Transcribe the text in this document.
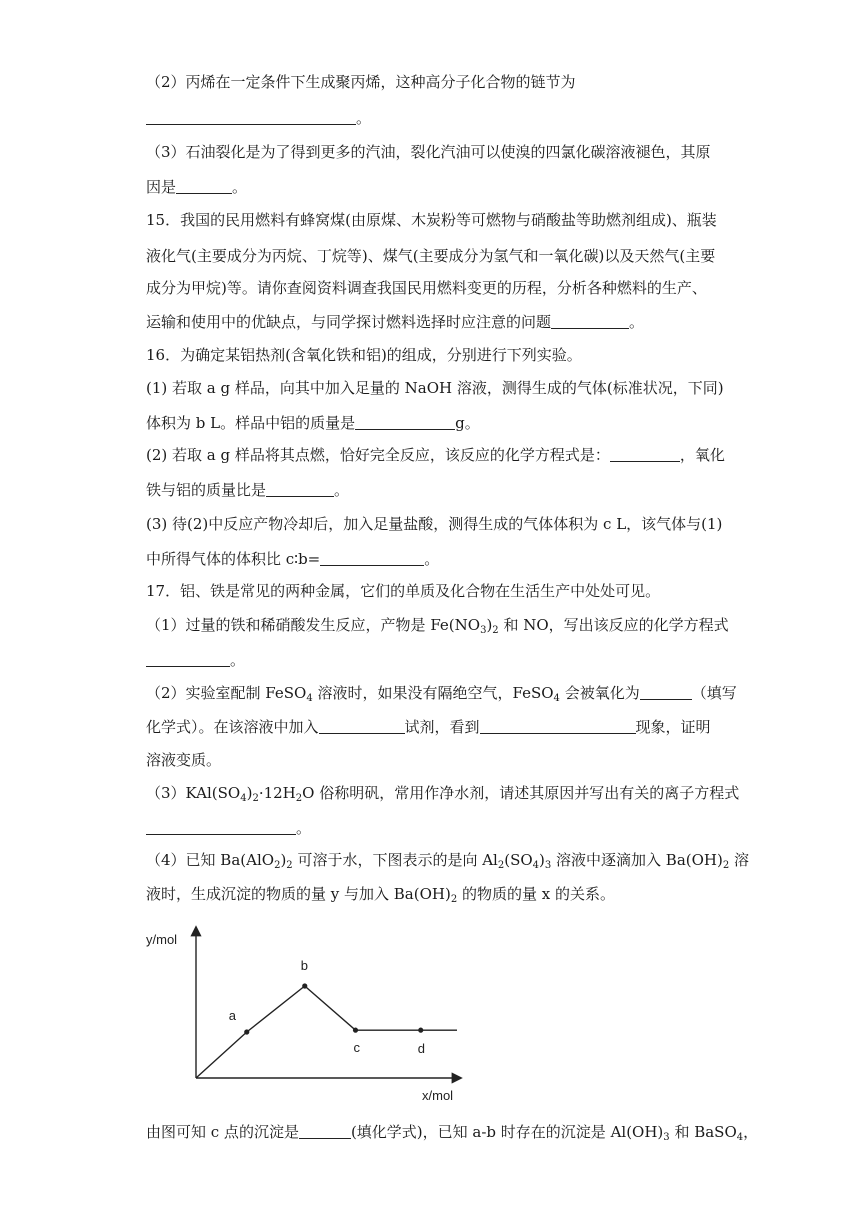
（2）丙烯在一定条件下生成聚丙烯，这种高分子化合物的链节为
。
（3）石油裂化是为了得到更多的汽油，裂化汽油可以使溴的四氯化碳溶液褪色，其原
因是	。
15．我国的民用燃料有蜂窝煤(由原煤、木炭粉等可燃物与硝酸盐等助燃剂组成)、瓶装
液化气(主要成分为丙烷、丁烷等)、煤气(主要成分为氢气和一氧化碳)以及天然气(主要
成分为甲烷)等。请你查阅资料调查我国民用燃料变更的历程，分析各种燃料的生产、
运输和使用中的优缺点，与同学探讨燃料选择时应注意的问题	。
16．为确定某铝热剂(含氧化铁和铝)的组成，分别进行下列实验。
(1) 若取 a g 样品，向其中加入足量的 NaOH 溶液，测得生成的气体(标准状况，下同)
体积为 b L。样品中铝的质量是	g。
(2) 若取 a g 样品将其点燃，恰好完全反应，该反应的化学方程式是：	，氧化
铁与铝的质量比是	。
(3) 待(2)中反应产物冷却后，加入足量盐酸，测得生成的气体体积为 c L，该气体与(1)
中所得气体的体积比 c∶b=	。
17．铝、铁是常见的两种金属，它们的单质及化合物在生活生产中处处可见。
（1）过量的铁和稀硝酸发生反应，产物是 $Fe(NO_3)_2$ 和 NO，写出该反应的化学方程式
。
（2）实验室配制 FeSO$_4$ 溶液时，如果没有隔绝空气，FeSO$_4$ 会被氧化为	（填写
化学式）。在该溶液中加入	试剂，看到	现象，证明
溶液变质。
$(3)KAl(SO_4)_2\cdot 12H_2O$ 俗称明矾，常用作净水剂，请述其原因并写出有关的离子方程式
。
（4）已知 $Ba(AlO_2)_2$ 可溶于水，下图表示的是向 $Al_2(SO_4)_3$ 溶液中逐滴加入 $Ba(OH)_2$ 溶
液时，生成沉淀的物质的量 y 与加入 $Ba(OH)_2$ 的物质的量 x 的关系。
由图可知 c 点的沉淀是	(填化学式)，已知 a-b 时存在的沉淀是 $Al(OH)_3$ 和 BaSO$_4$，
y/mol
x/mol
a
b
c	d
